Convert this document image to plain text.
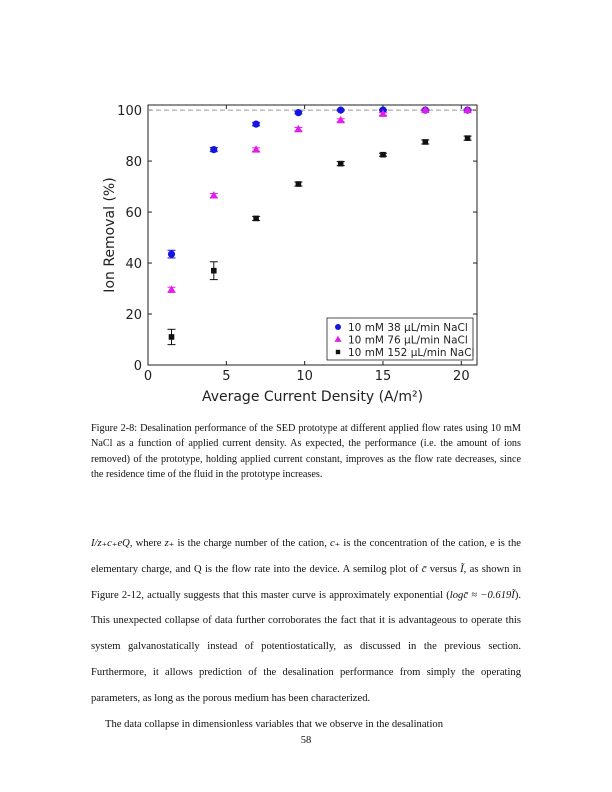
0	5	10	15	20
0
20
40
60
80
100
Average Current Density (A/m²)
Ion Removal (%)
10 mM 38 μL/min NaCl
10 mM 76 μL/min NaCl
10 mM 152 μL/min NaCl
Figure 2-8: Desalination performance of the SED prototype at different applied flow rates using 10 mM NaCl as a function of applied current density. As expected, the performance (i.e. the amount of ions removed) of the prototype, holding applied current constant, improves as the flow rate decreases, since the residence time of the fluid in the prototype increases.

I/z₊c₊eQ, where z₊ is the charge number of the cation, c₊ is the concentration of the cation, e is the elementary charge, and Q is the flow rate into the device. A semilog plot of c̄ versus Ĩ, as shown in Figure 2-12, actually suggests that this master curve is approximately exponential (logc̄ ≈ −0.619Ĩ). This unexpected collapse of data further corroborates the fact that it is advantageous to operate this system galvanostatically instead of potentiostatically, as discussed in the previous section. Furthermore, it allows prediction of the desalination performance from simply the operating parameters, as long as the porous medium has been characterized.

The data collapse in dimensionless variables that we observe in the desalination

58
